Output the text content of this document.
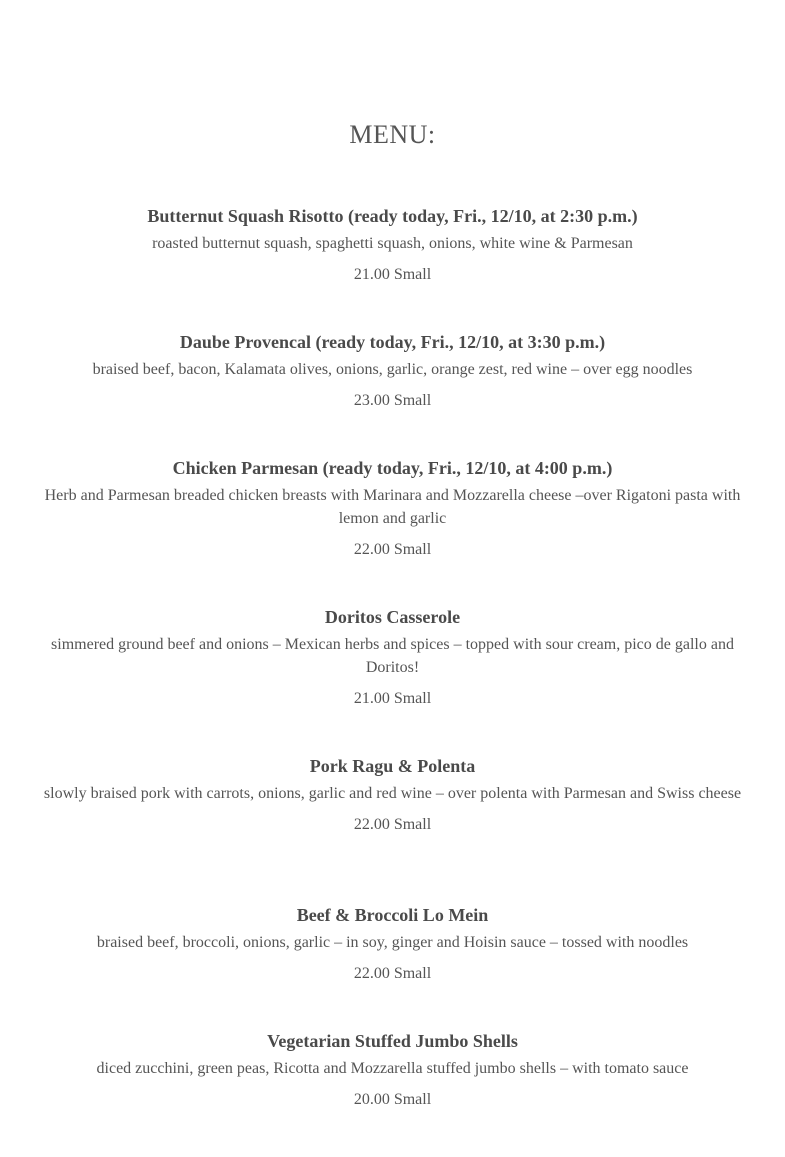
MENU:

Butternut Squash Risotto (ready today, Fri., 12/10, at 2:30 p.m.)

roasted butternut squash, spaghetti squash, onions, white wine & Parmesan

21.00 Small

Daube Provencal (ready today, Fri., 12/10, at 3:30 p.m.)

braised beef, bacon, Kalamata olives, onions, garlic, orange zest, red wine – over egg noodles

23.00 Small

Chicken Parmesan (ready today, Fri., 12/10, at 4:00 p.m.)

Herb and Parmesan breaded chicken breasts with Marinara and Mozzarella cheese –over Rigatoni pasta with lemon and garlic

22.00 Small

Doritos Casserole

simmered ground beef and onions – Mexican herbs and spices – topped with sour cream, pico de gallo and Doritos!

21.00 Small

Pork Ragu & Polenta

slowly braised pork with carrots, onions, garlic and red wine – over polenta with Parmesan and Swiss cheese

22.00 Small

Beef & Broccoli Lo Mein

braised beef, broccoli, onions, garlic – in soy, ginger and Hoisin sauce – tossed with noodles

22.00 Small

Vegetarian Stuffed Jumbo Shells

diced zucchini, green peas, Ricotta and Mozzarella stuffed jumbo shells – with tomato sauce

20.00 Small
